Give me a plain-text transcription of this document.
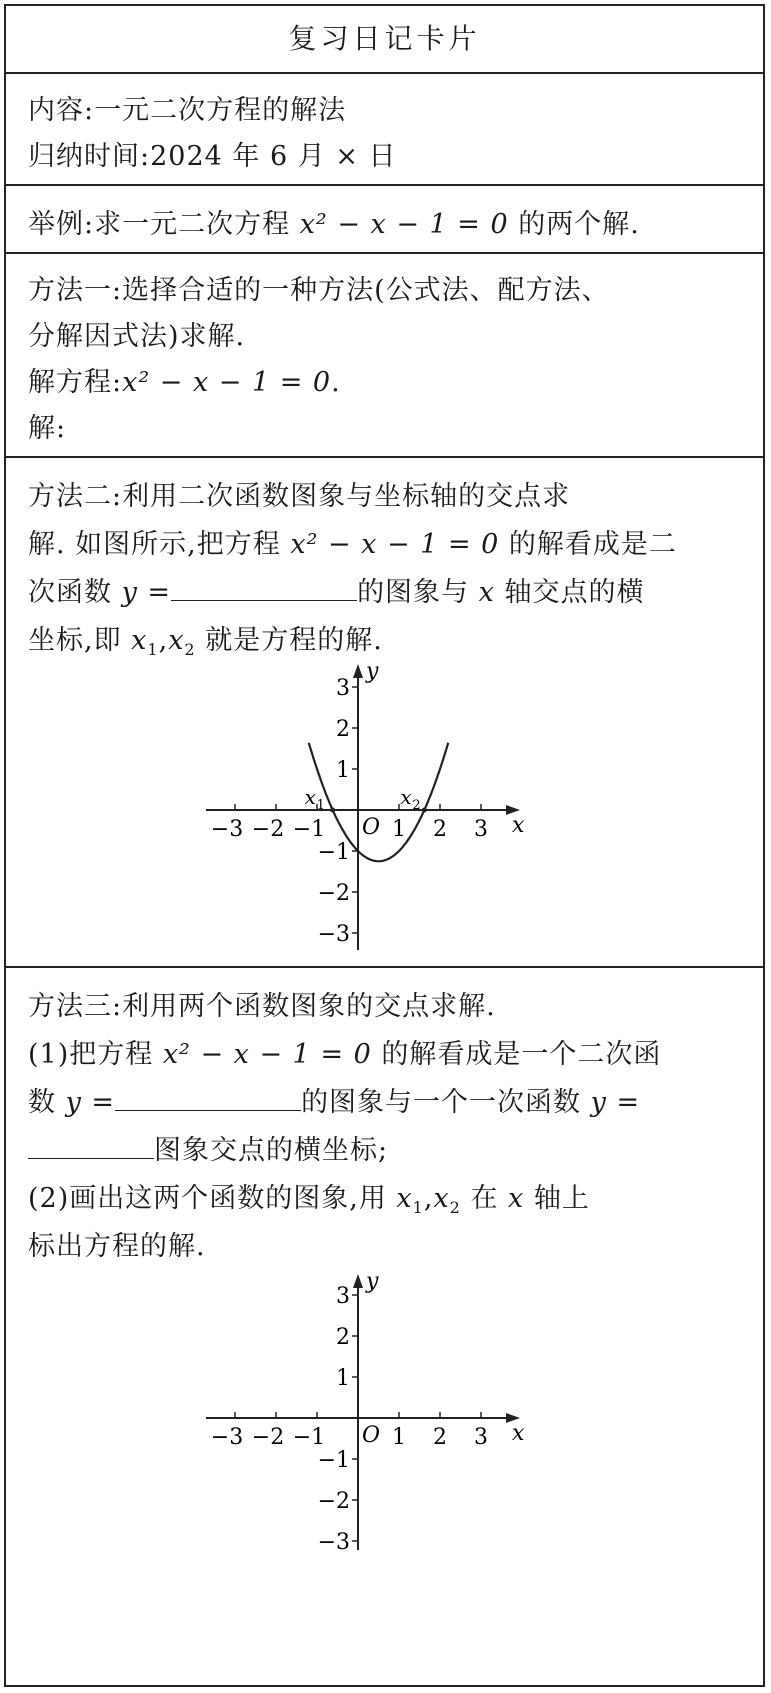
复习日记卡片
内容:一元二次方程的解法
归纳时间:2024 年 6 月 × 日
举例:求一元二次方程 x² − x − 1 = 0 的两个解.
方法一:选择合适的一种方法(公式法、配方法、
分解因式法)求解.
解方程:x² − x − 1 = 0.
解:
方法二:利用二次函数图象与坐标轴的交点求
解. 如图所示,把方程 x² − x − 1 = 0 的解看成是二
次函数 y =	的图象与 x 轴交点的横
坐标,即 $x_1,x_2$ 就是方程的解.
−3 −2 −1	1 2 3
3
2
1
−1
−2
−3
x
y
O
x 1	x 2
方法三:利用两个函数图象的交点求解.
(1)把方程 x² − x − 1 = 0 的解看成是一个二次函
数 y =	的图象与一个一次函数 y =
图象交点的横坐标;
(2)画出这两个函数的图象,用 $x_1,x_2$ 在 x 轴上
标出方程的解.
−3 −2 −1	1 2 3
3
2
1
−1
−2
−3
x
y
O
